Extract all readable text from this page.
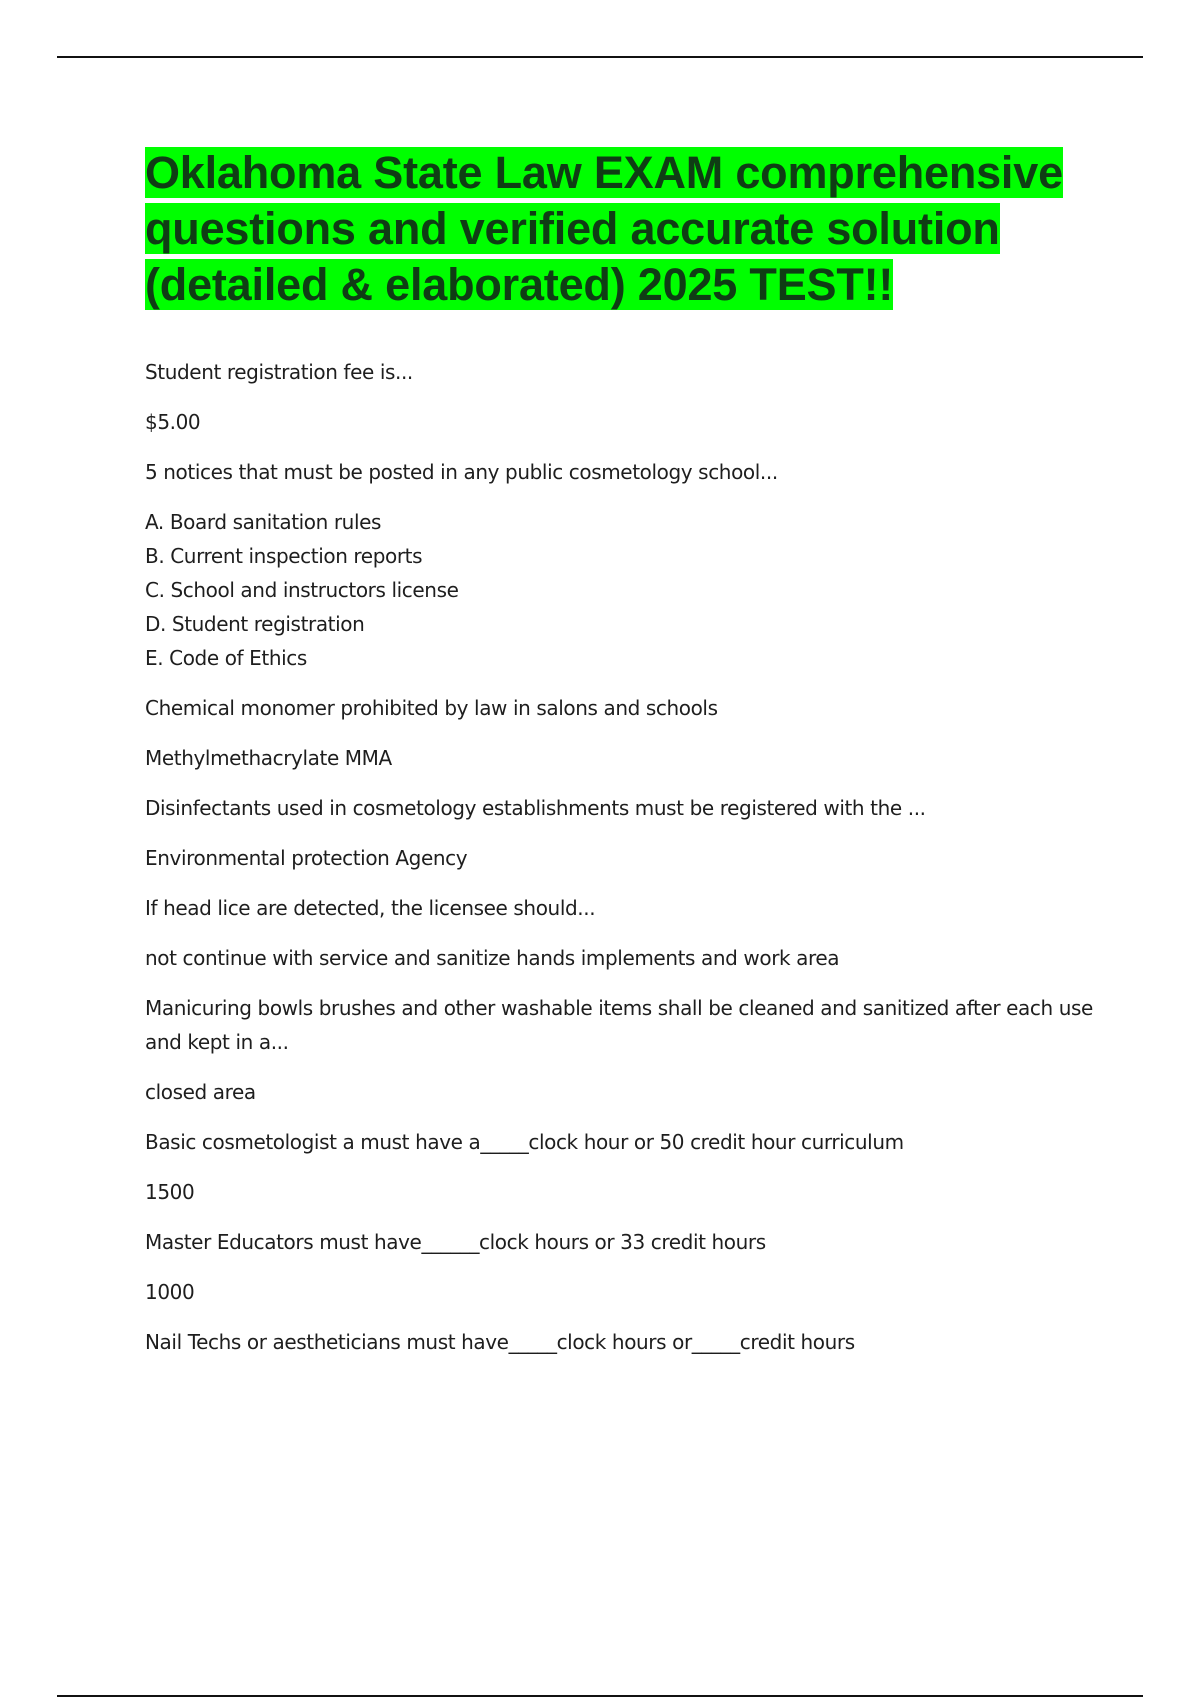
Oklahoma State Law EXAM comprehensive questions and verified accurate solution (detailed & elaborated) 2025 TEST!!

Student registration fee is...

$5.00

5 notices that must be posted in any public cosmetology school...

A. Board sanitation rules
B. Current inspection reports
C. School and instructors license
D. Student registration
E. Code of Ethics

Chemical monomer prohibited by law in salons and schools

Methylmethacrylate MMA

Disinfectants used in cosmetology establishments must be registered with the ...

Environmental protection Agency

If head lice are detected, the licensee should...

not continue with service and sanitize hands implements and work area

Manicuring bowls brushes and other washable items shall be cleaned and sanitized after each use and kept in a...

closed area

Basic cosmetologist a must have a_____clock hour or 50 credit hour curriculum

1500

Master Educators must have______clock hours or 33 credit hours

1000

Nail Techs or aestheticians must have_____clock hours or_____credit hours
